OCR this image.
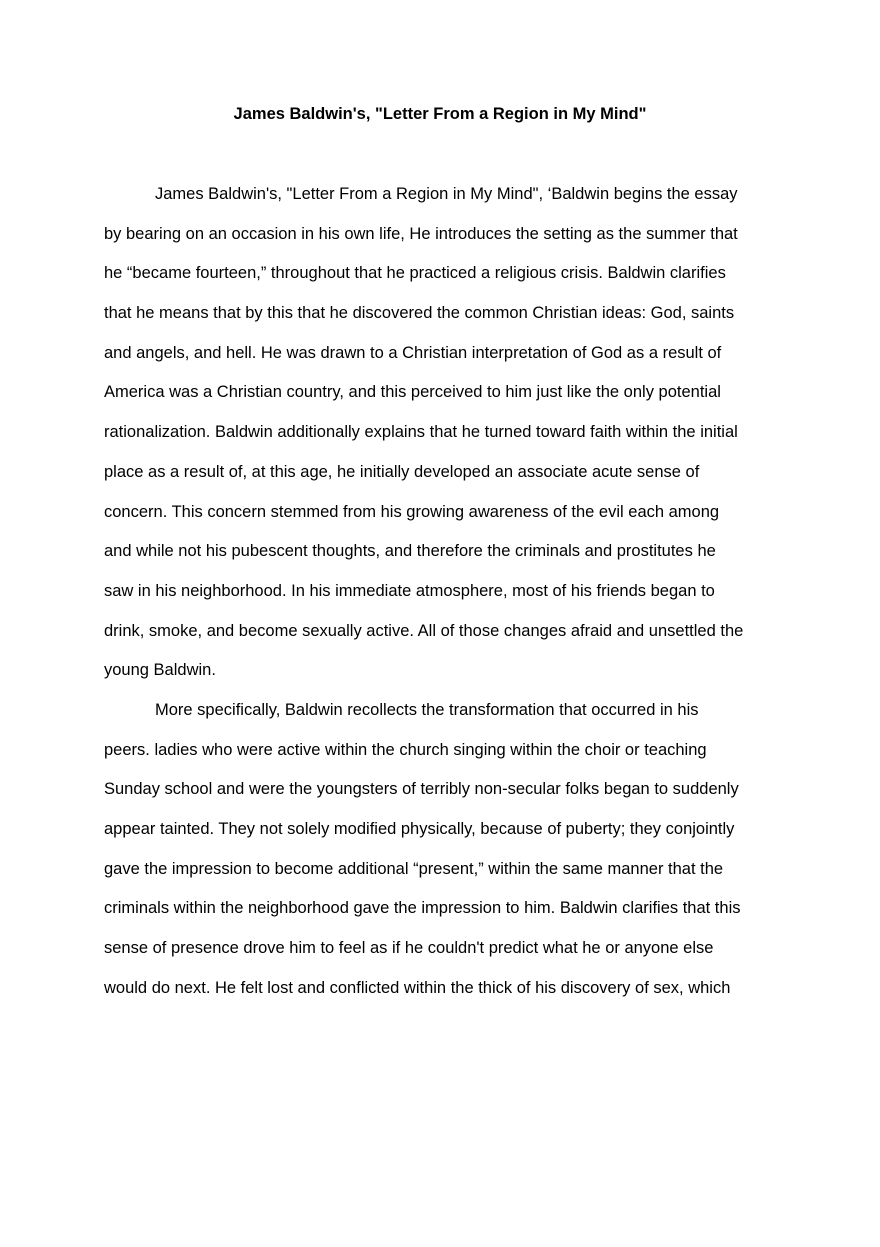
James Baldwin's, "Letter From a Region in My Mind"
James Baldwin's, "Letter From a Region in My Mind", ‘Baldwin begins the essay
by bearing on an occasion in his own life, He introduces the setting as the summer that
he “became fourteen,” throughout that he practiced a religious crisis. Baldwin clarifies
that he means that by this that he discovered the common Christian ideas: God, saints
and angels, and hell. He was drawn to a Christian interpretation of God as a result of
America was a Christian country, and this perceived to him just like the only potential
rationalization. Baldwin additionally explains that he turned toward faith within the initial
place as a result of, at this age, he initially developed an associate acute sense of
concern. This concern stemmed from his growing awareness of the evil each among
and while not his pubescent thoughts, and therefore the criminals and prostitutes he
saw in his neighborhood. In his immediate atmosphere, most of his friends began to
drink, smoke, and become sexually active. All of those changes afraid and unsettled the
young Baldwin.
More specifically, Baldwin recollects the transformation that occurred in his
peers. ladies who were active within the church singing within the choir or teaching
Sunday school and were the youngsters of terribly non-secular folks began to suddenly
appear tainted. They not solely modified physically, because of puberty; they conjointly
gave the impression to become additional “present,” within the same manner that the
criminals within the neighborhood gave the impression to him. Baldwin clarifies that this
sense of presence drove him to feel as if he couldn't predict what he or anyone else
would do next. He felt lost and conflicted within the thick of his discovery of sex, which
